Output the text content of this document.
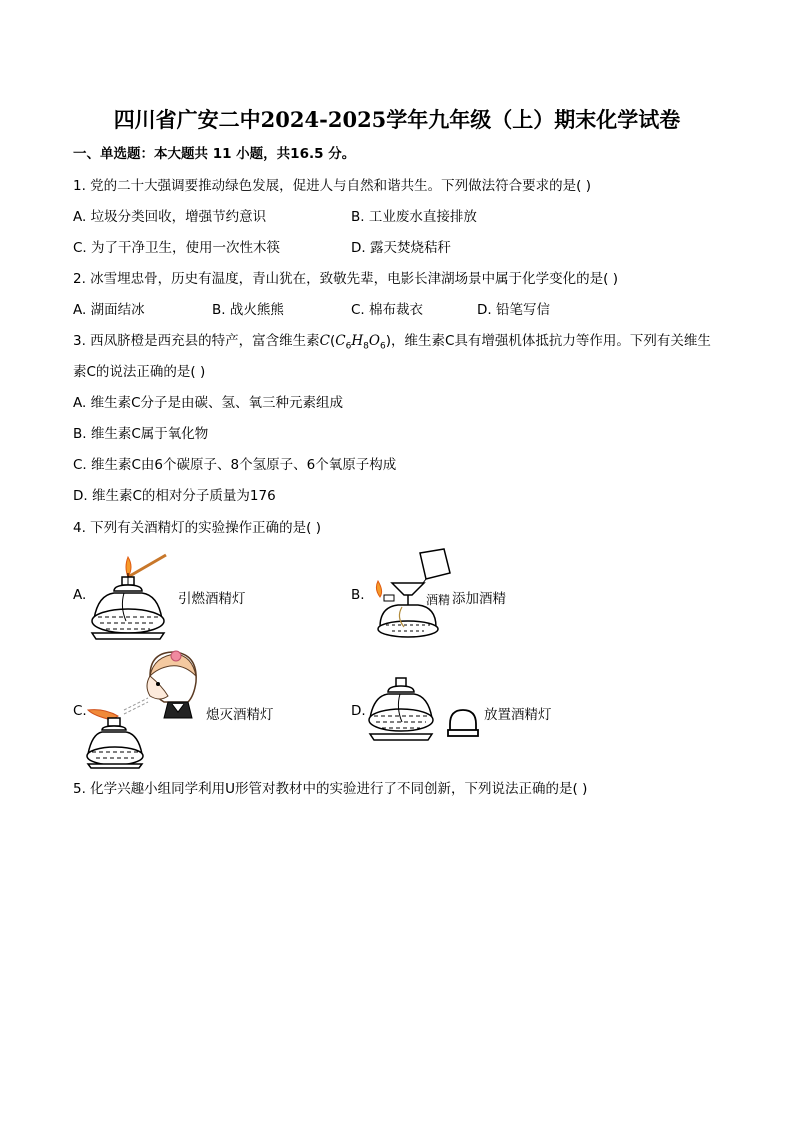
四川省广安二中2024-2025学年九年级（上）期末化学试卷
一、单选题：本大题共 11 小题，共16.5 分。
1. 党的二十大强调要推动绿色发展，促进人与自然和谐共生。下列做法符合要求的是( )
A. 垃圾分类回收，增强节约意识	B. 工业废水直接排放
C. 为了干净卫生，使用一次性木筷	D. 露天焚烧秸秆
2. 冰雪埋忠骨，历史有温度，青山犹在，致敬先辈，电影长津湖场景中属于化学变化的是( )
A. 湖面结冰	B. 战火熊熊	C. 棉布裁衣	D. 铅笔写信
3. 西凤脐橙是西充县的特产，富含维生素$C(C_6H_8O_6)$，维生素C具有增强机体抵抗力等作用。下列有关维生
素C的说法正确的是( )
A. 维生素C分子是由碳、氢、氧三种元素组成
B. 维生素C属于氧化物
C. 维生素C由6个碳原子、8个氢原子、6个氧原子构成
D. 维生素C的相对分子质量为176
4. 下列有关酒精灯的实验操作正确的是( )
A.	引燃酒精灯	B.	酒精 添加酒精
C.	熄灭酒精灯	D.	放置酒精灯
5. 化学兴趣小组同学利用U形管对教材中的实验进行了不同创新，下列说法正确的是( )
